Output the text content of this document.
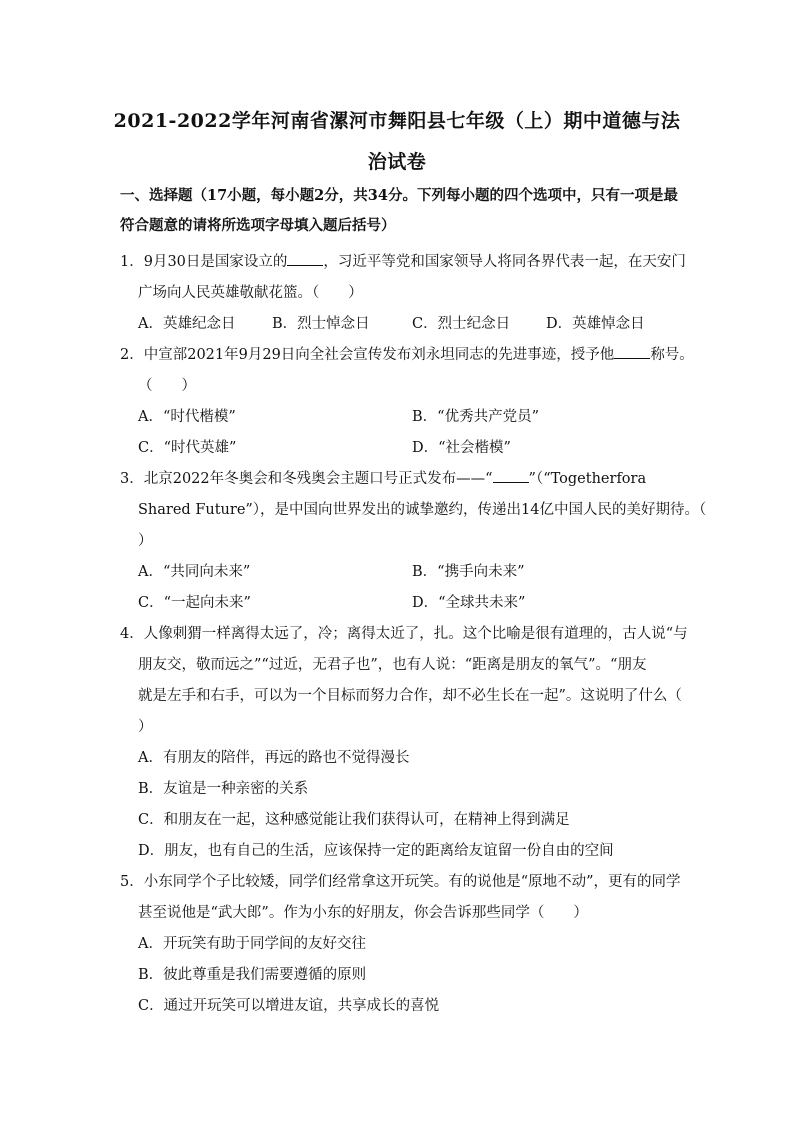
2021-2022学年河南省漯河市舞阳县七年级（上）期中道德与法
治试卷
一、选择题（17小题，每小题2分，共34分。下列每小题的四个选项中，只有一项是最符合题意的请将所选项字母填入题后括号）
1．9月30日是国家设立的 ，习近平等党和国家领导人将同各界代表一起，在天安门
广场向人民英雄敬献花篮。（　　）
A．英雄纪念日	B．烈士悼念日	C．烈士纪念日 D．英雄悼念日
2．中宣部2021年9月29日向全社会宣传发布刘永坦同志的先进事迹，授予他 称号。
（　　）
A．“时代楷模”	B．“优秀共产党员”
C．“时代英雄”	D．“社会楷模”
3．北京2022年冬奥会和冬残奥会主题口号正式发布——“ ”（“Togetherfora
Shared Future”），是中国向世界发出的诚挚邀约，传递出14亿中国人民的美好期待。（
）
A．“共同向未来”	B．“携手向未来”
C．“一起向未来”	D．“全球共未来”
4．人像刺猬一样离得太远了，冷；离得太近了，扎。这个比喻是很有道理的，古人说“与
朋友交，敬而远之”“过近，无君子也”，也有人说：“距离是朋友的氧气”。“朋友
就是左手和右手，可以为一个目标而努力合作，却不必生长在一起”。这说明了什么（
）
A．有朋友的陪伴，再远的路也不觉得漫长
B．友谊是一种亲密的关系
C．和朋友在一起，这种感觉能让我们获得认可，在精神上得到满足
D．朋友，也有自己的生活，应该保持一定的距离给友谊留一份自由的空间
5．小东同学个子比较矮，同学们经常拿这开玩笑。有的说他是“原地不动”，更有的同学
甚至说他是“武大郎”。作为小东的好朋友，你会告诉那些同学（　　）
A．开玩笑有助于同学间的友好交往
B．彼此尊重是我们需要遵循的原则
C．通过开玩笑可以增进友谊，共享成长的喜悦
